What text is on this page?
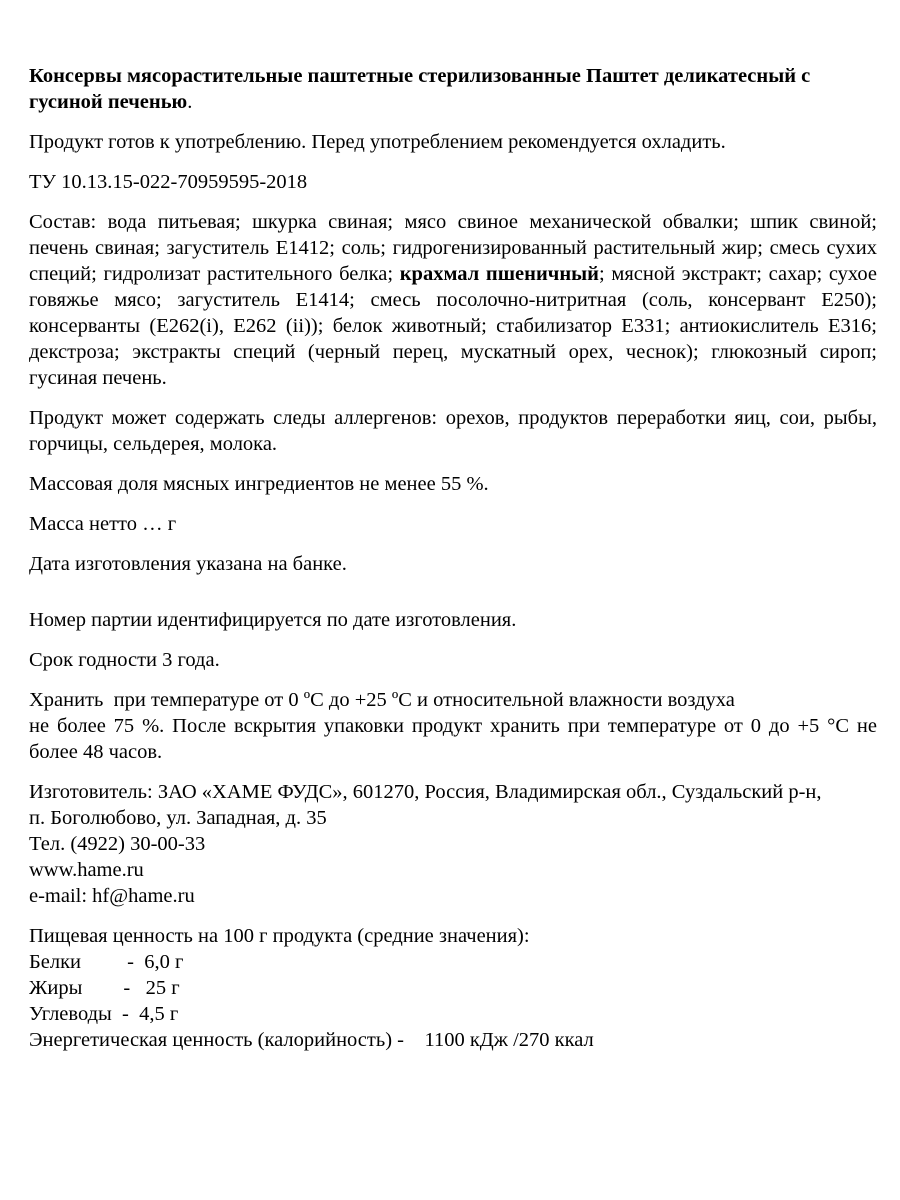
Консервы мясорастительные паштетные стерилизованные Паштет деликатесный с гусиной печенью.

Продукт готов к употреблению. Перед употреблением рекомендуется охладить.

ТУ 10.13.15-022-70959595-2018

Состав: вода питьевая; шкурка свиная; мясо свиное механической обвалки; шпик свиной; печень свиная; загуститель Е1412; соль; гидрогенизированный растительный жир; смесь сухих специй; гидролизат растительного белка; крахмал пшеничный; мясной экстракт; сахар; сухое говяжье мясо; загуститель Е1414; смесь посолочно-нитритная (соль, консервант Е250); консерванты (Е262(i), Е262 (ii)); белок животный; стабилизатор Е331; антиокислитель Е316; декстроза; экстракты специй (черный перец, мускатный орех, чеснок); глюкозный сироп; гусиная печень.

Продукт может содержать следы аллергенов: орехов, продуктов переработки яиц, сои, рыбы, горчицы, сельдерея, молока.

Массовая доля мясных ингредиентов не менее 55 %.

Масса нетто … г

Дата изготовления указана на банке.

Номер партии идентифицируется по дате изготовления.

Срок годности 3 года.

Хранить  при температуре от 0 ºС до +25 ºС и относительной влажности воздуха
не более 75 %. После вскрытия упаковки продукт хранить при температуре от 0 до +5 °С не более 48 часов.

Изготовитель: ЗАО «ХАМЕ ФУДС», 601270, Россия, Владимирская обл., Суздальский р-н,
п. Боголюбово, ул. Западная, д. 35
Тел. (4922) 30-00-33
www.hame.ru
e-mail: hf@hame.ru

Пищевая ценность на 100 г продукта (средние значения):
Белки         -  6,0 г
Жиры        -   25 г
Углеводы  -  4,5 г
Энергетическая ценность (калорийность) -    1100 кДж /270 ккал
